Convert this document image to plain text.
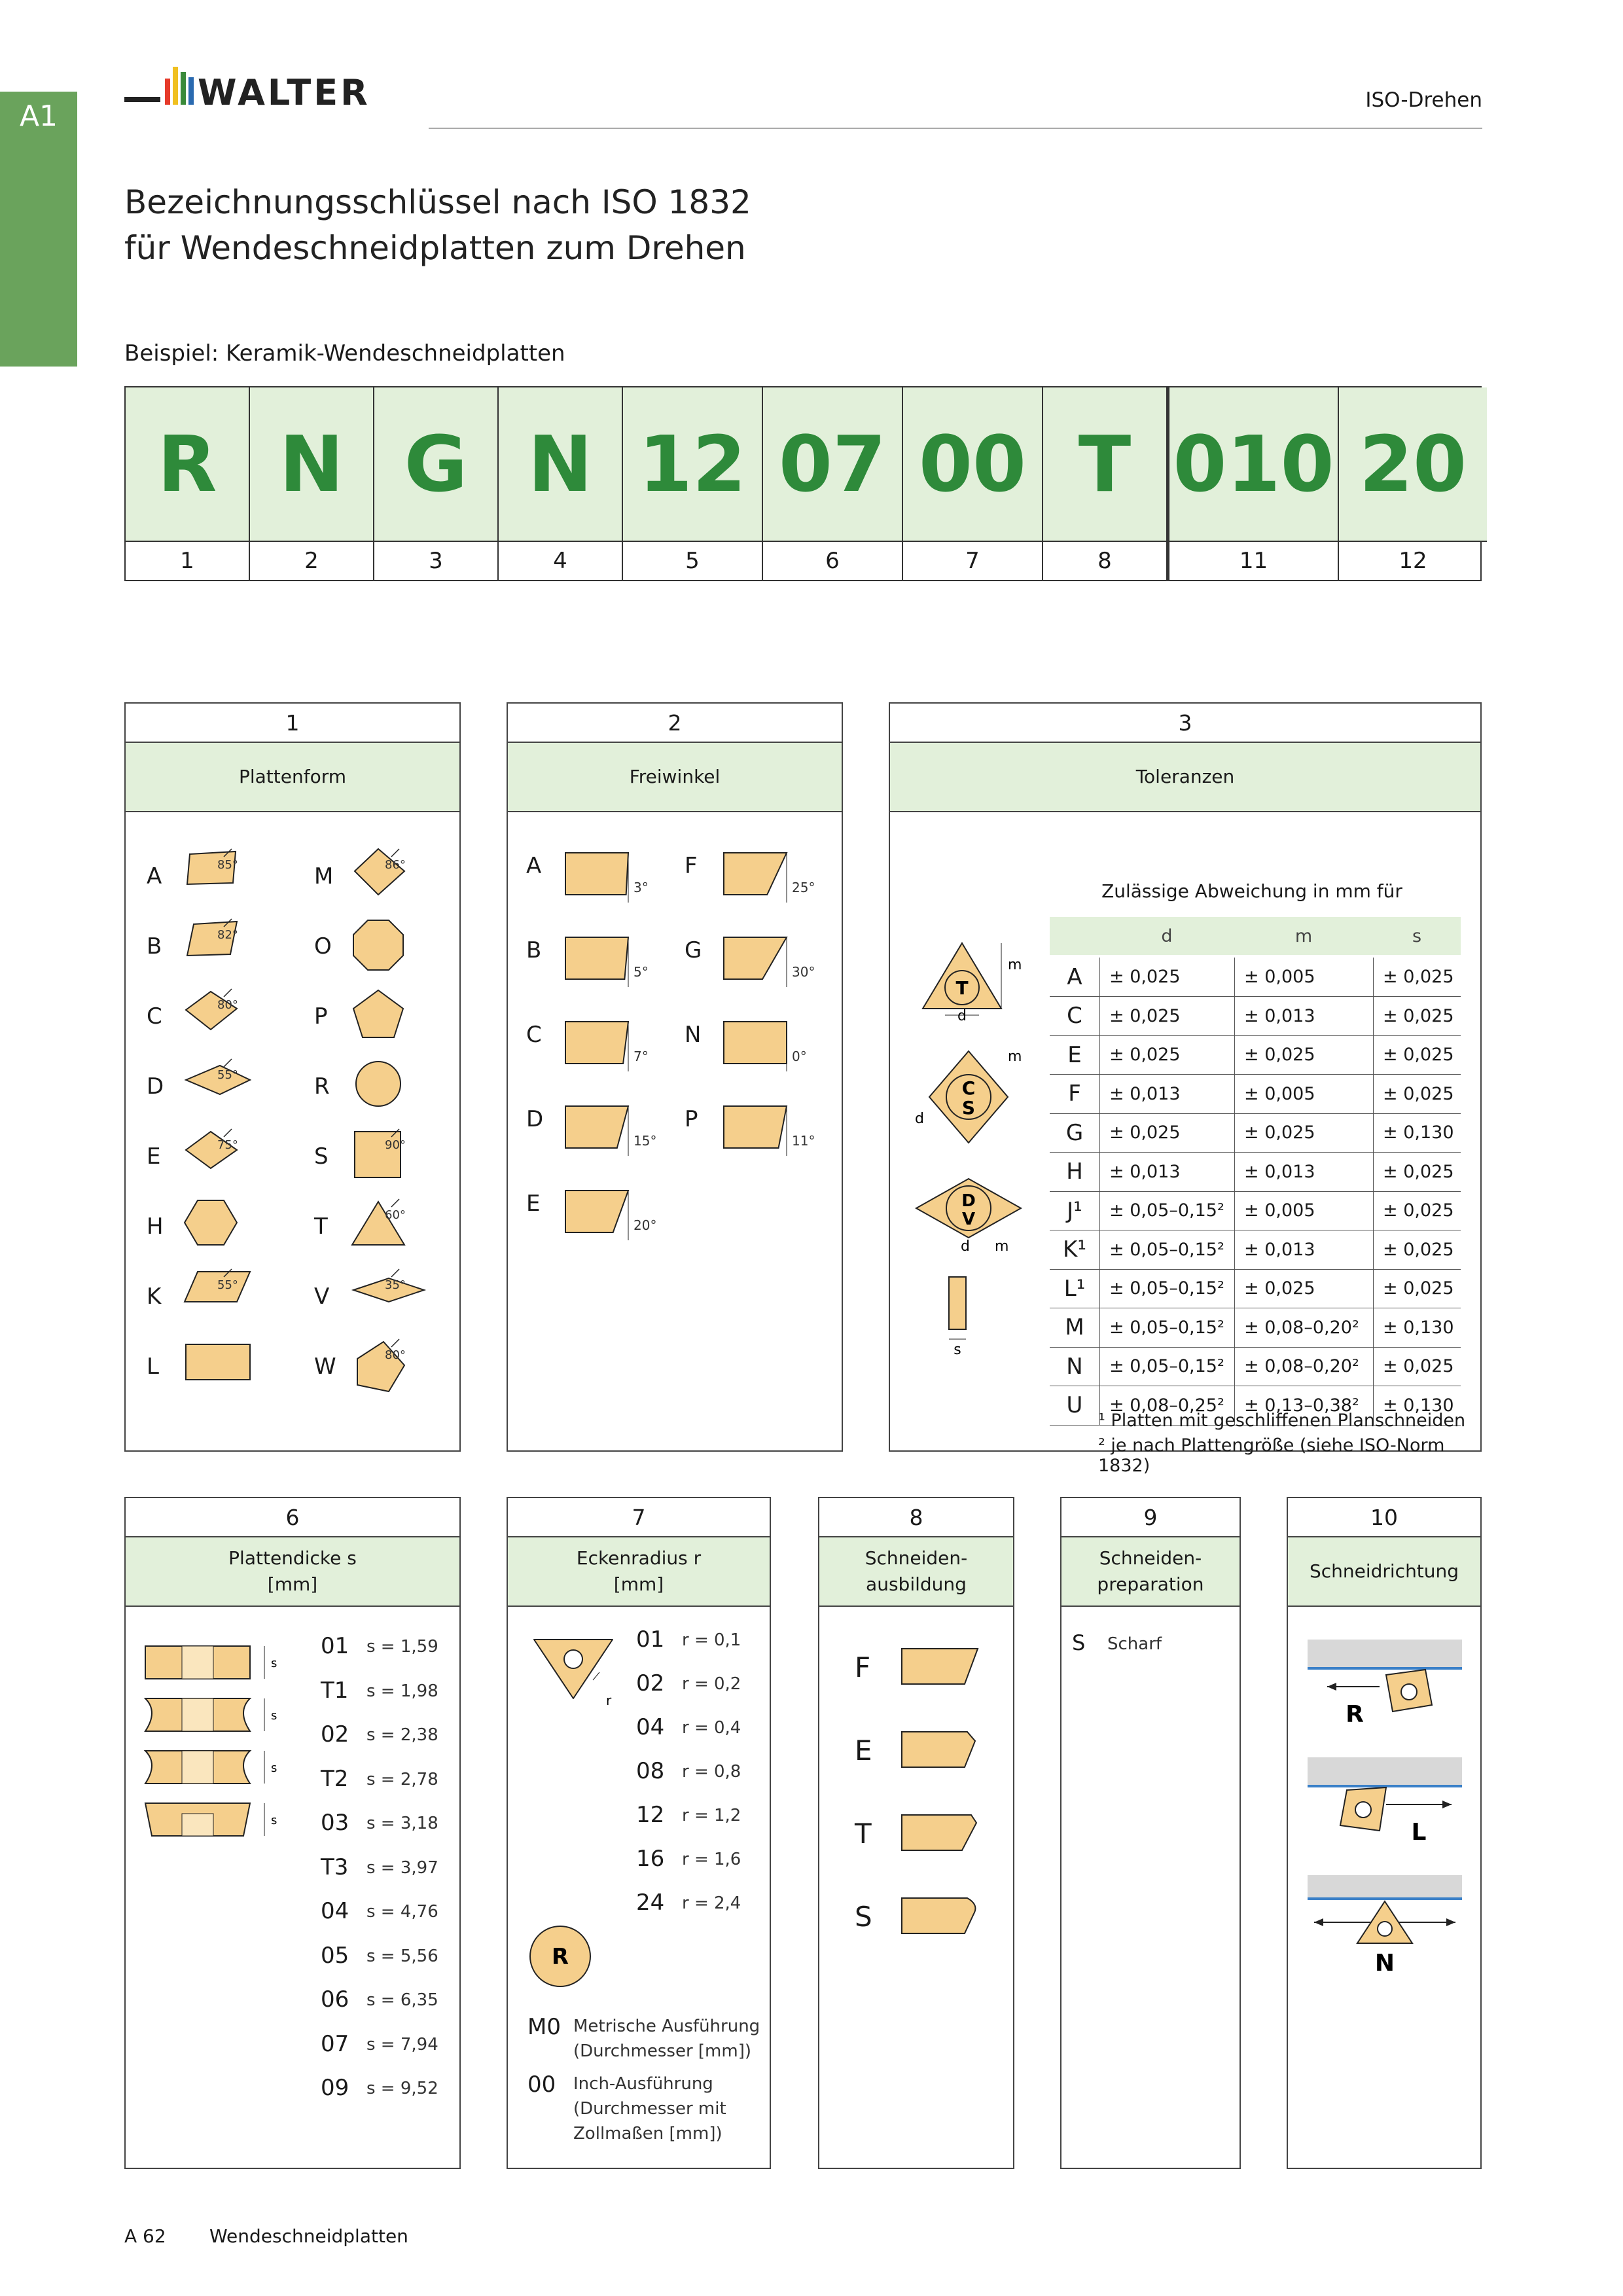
A1
WALTER	ISO-Drehen
Bezeichnungsschlüssel nach ISO 1832
für Wendeschneidplatten zum Drehen
Beispiel: Keramik-Wendeschneidplatten
R
1
N
2
G
3
N
4
12
5
07
6
00
7
T
8
010
11
20
12
1
Plattenform
A	85°	M	86°
B	82°	O
C	80°	P
D	55°	R
E	75°	S	90°
H	T	60°
K	55°	V	35°
L	W	80°
2
Freiwinkel
A
3°
F
25°
B
5°
G
30°
C
7°
N
0°
D
15°
P
11°
E
20°
3
Toleranzen
Zulässige Abweichung in mm für
d	m	s
A	± 0,025	± 0,005	± 0,025
C	± 0,025	± 0,013	± 0,025
E	± 0,025	± 0,025	± 0,025
F	± 0,013	± 0,005	± 0,025
G	± 0,025	± 0,025	± 0,130
H	± 0,013	± 0,013	± 0,025
J¹	± 0,05–0,15²	± 0,005	± 0,025
K¹	± 0,05–0,15²	± 0,013	± 0,025
L¹	± 0,05–0,15²	± 0,025	± 0,025
M	± 0,05–0,15²	± 0,08–0,20²	± 0,130
N	± 0,05–0,15²	± 0,08–0,20²	± 0,025
U	± 0,08–0,25²	± 0,13–0,38²	± 0,130
¹ Platten mit geschliffenen Planschneiden
² je nach Plattengröße (siehe ISO-Norm 1832)
T
m
d
C
S
d
m
D
V
d m
s
6
Plattendicke s
[mm]
s
s
s
s
01 s = 1,59
T1 s = 1,98
02 s = 2,38
T2 s = 2,78
03 s = 3,18
T3 s = 3,97
04 s = 4,76
05 s = 5,56
06 s = 6,35
07 s = 7,94
09 s = 9,52
7
Eckenradius r
[mm]
r
R
M0 Metrische Ausführung
(Durchmesser [mm])
00 Inch-Ausführung
(Durchmesser mit
Zollmaßen [mm])
01 r = 0,1
02 r = 0,2
04 r = 0,4
08 r = 0,8
12 r = 1,2
16 r = 1,6
24 r = 2,4
8
Schneiden-
ausbildung
F
E
T
S
9
Schneiden-
preparation
S Scharf
10
Schneidrichtung
R
L
N
A 62 Wendeschneidplatten
